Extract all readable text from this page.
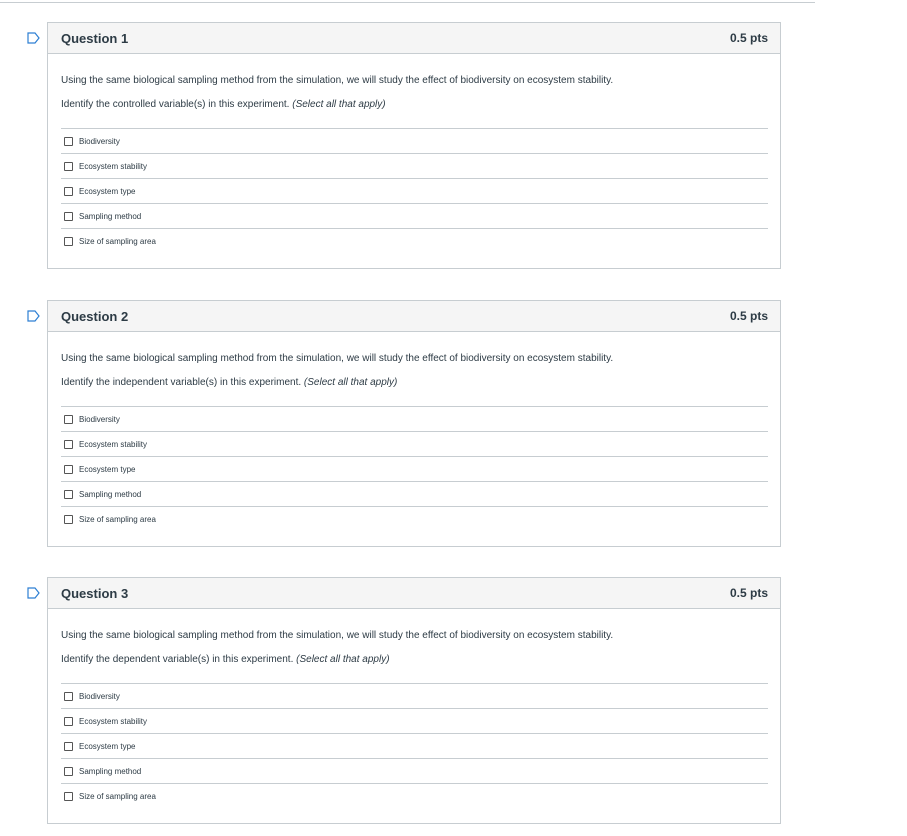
Question 1	0.5 pts

Using the same biological sampling method from the simulation, we will study the effect of biodiversity on ecosystem stability.

Identify the controlled variable(s) in this experiment. (Select all that apply)

Biodiversity
Ecosystem stability
Ecosystem type
Sampling method
Size of sampling area
Question 2	0.5 pts

Using the same biological sampling method from the simulation, we will study the effect of biodiversity on ecosystem stability.

Identify the independent variable(s) in this experiment. (Select all that apply)

Biodiversity
Ecosystem stability
Ecosystem type
Sampling method
Size of sampling area
Question 3	0.5 pts

Using the same biological sampling method from the simulation, we will study the effect of biodiversity on ecosystem stability.

Identify the dependent variable(s) in this experiment. (Select all that apply)

Biodiversity
Ecosystem stability
Ecosystem type
Sampling method
Size of sampling area
